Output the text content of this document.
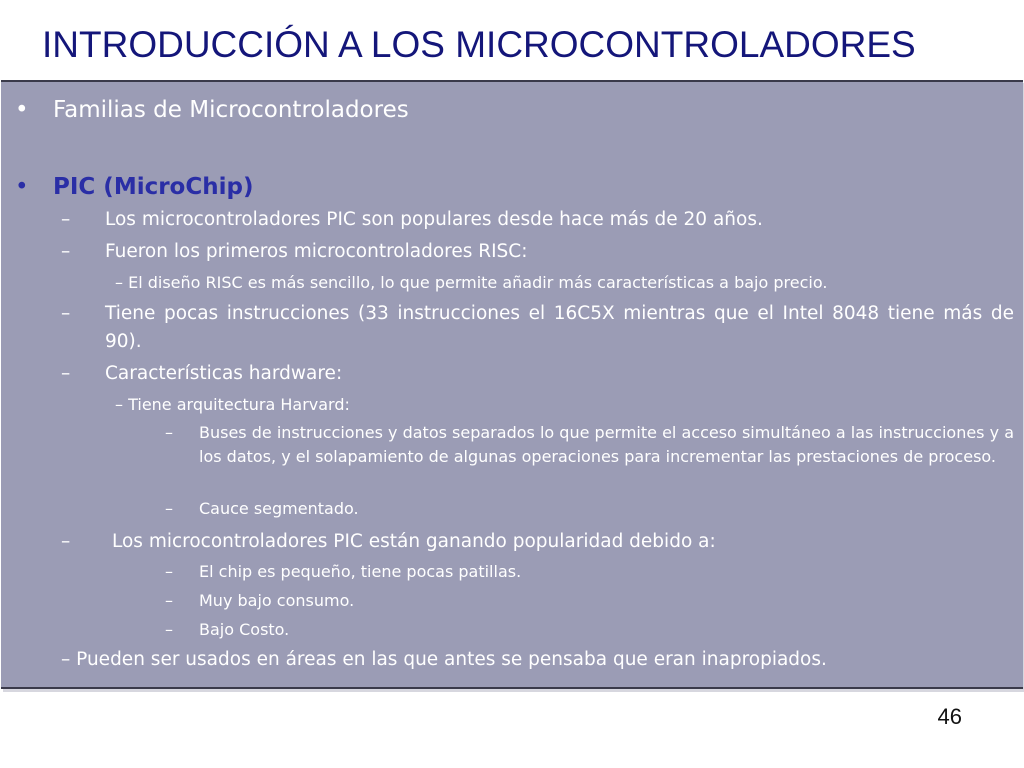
INTRODUCCIÓN A LOS MICROCONTROLADORES
• Familias de Microcontroladores
• PIC (MicroChip)
– Los microcontroladores PIC son populares desde hace más de 20 años.
– Fueron los primeros microcontroladores RISC:
– El diseño RISC es más sencillo, lo que permite añadir más características a bajo precio.
– Tiene pocas instrucciones (33 instrucciones el 16C5X mientras que el Intel 8048 tiene más de 90).
– Características hardware:
– Tiene arquitectura Harvard:
– Buses de instrucciones y datos separados lo que permite el acceso simultáneo a las instrucciones y a los datos, y el solapamiento de algunas operaciones para incrementar las prestaciones de proceso.
– Cauce segmentado.
– Los microcontroladores PIC están ganando popularidad debido a:
– El chip es pequeño, tiene pocas patillas.
– Muy bajo consumo.
– Bajo Costo.
– Pueden ser usados en áreas en las que antes se pensaba que eran inapropiados.
46
